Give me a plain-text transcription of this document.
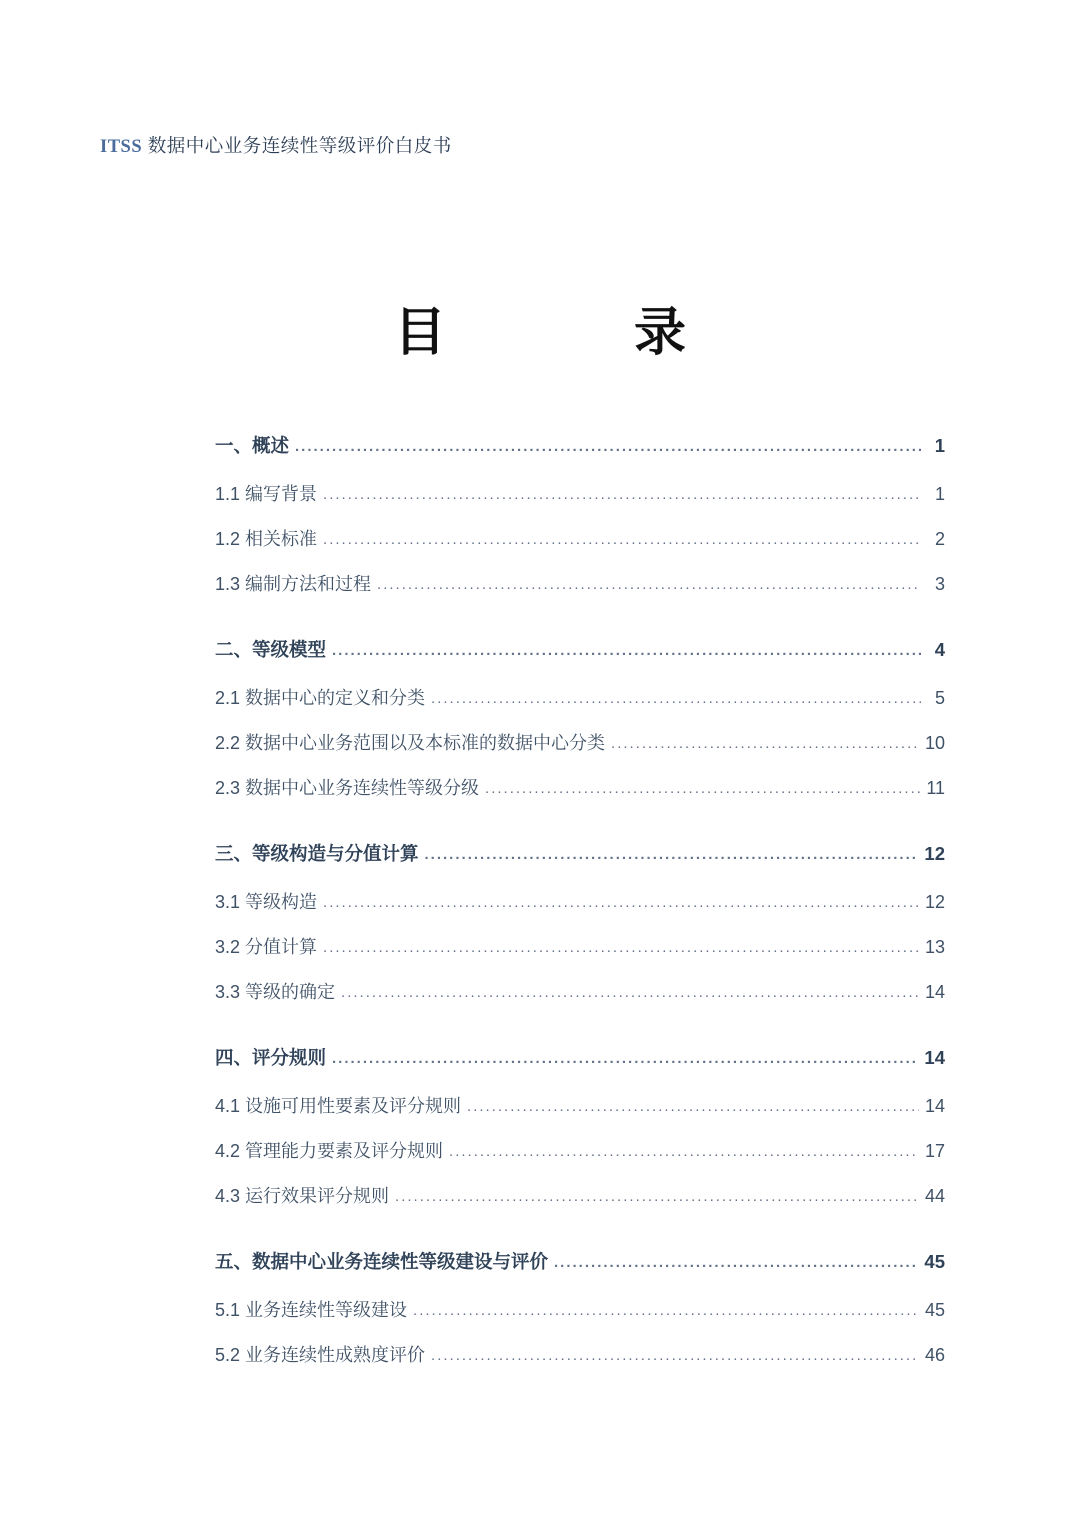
ITSS 数据中心业务连续性等级评价白皮书
目　　录
一、概述 .....	1
1.1 编写背景 .....	1
1.2 相关标准 .....	2
1.3 编制方法和过程 .....	3
二、等级模型 .....	4
2.1 数据中心的定义和分类 .....	5
2.2 数据中心业务范围以及本标准的数据中心分类 .....	10
2.3 数据中心业务连续性等级分级 .....	11
三、等级构造与分值计算 .....	12
3.1 等级构造 .....	12
3.2 分值计算 .....	13
3.3 等级的确定 .....	14
四、评分规则 .....	14
4.1 设施可用性要素及评分规则 .....	14
4.2 管理能力要素及评分规则 .....	17
4.3 运行效果评分规则 .....	44
五、数据中心业务连续性等级建设与评价 .....	45
5.1 业务连续性等级建设 .....	45
5.2 业务连续性成熟度评价 .....	46
